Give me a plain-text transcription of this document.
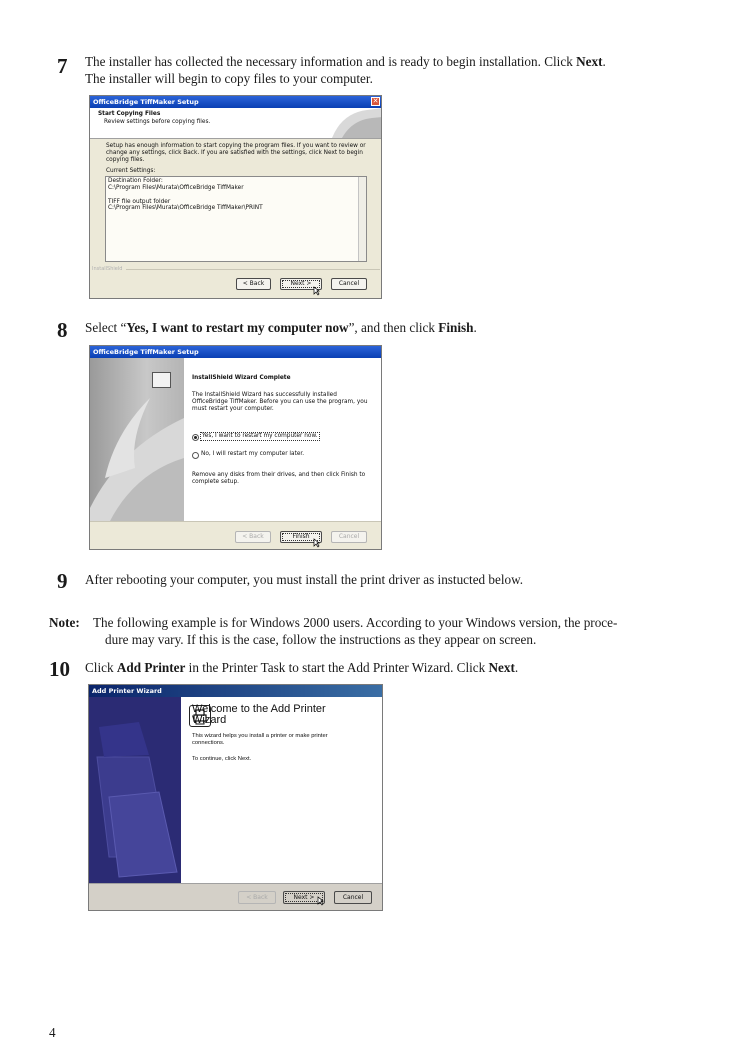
7 The installer has collected the necessary information and is ready to begin installation. Click Next.
The installer will begin to copy files to your computer.
OfficeBridge TiffMaker Setup	✕
Start Copying Files
Review settings before copying files.
Setup has enough information to start copying the program files. If you want to review or
change any settings, click Back. If you are satisfied with the settings, click Next to begin
copying files.
Current Settings:
Destination Folder:
C:\Program Files\Murata\OfficeBridge TiffMaker
TIFF file output folder
C:\Program Files\Murata\OfficeBridge TiffMaker\PRINT
InstallShield
< Back	Next >	Cancel
8 Select “Yes, I want to restart my computer now”, and then click Finish.
OfficeBridge TiffMaker Setup
InstallShield Wizard Complete
The InstallShield Wizard has successfully installed
OfficeBridge TiffMaker. Before you can use the program, you
must restart your computer.
Yes, I want to restart my computer now.
No, I will restart my computer later.
Remove any disks from their drives, and then click Finish to
complete setup.
< Back	Finish	Cancel
9 After rebooting your computer, you must install the print driver as instucted below.
Note: The following example is for Windows 2000 users. According to your Windows version, the proce-
dure may vary. If this is the case, follow the instructions as they appear on screen.
10 Click Add Printer in the Printer Task to start the Add Printer Wizard. Click Next.
Add Printer Wizard
Welcome to the Add Printer
Wizard
This wizard helps you install a printer or make printer
connections.
To continue, click Next.
< Back	Next >	Cancel
4
